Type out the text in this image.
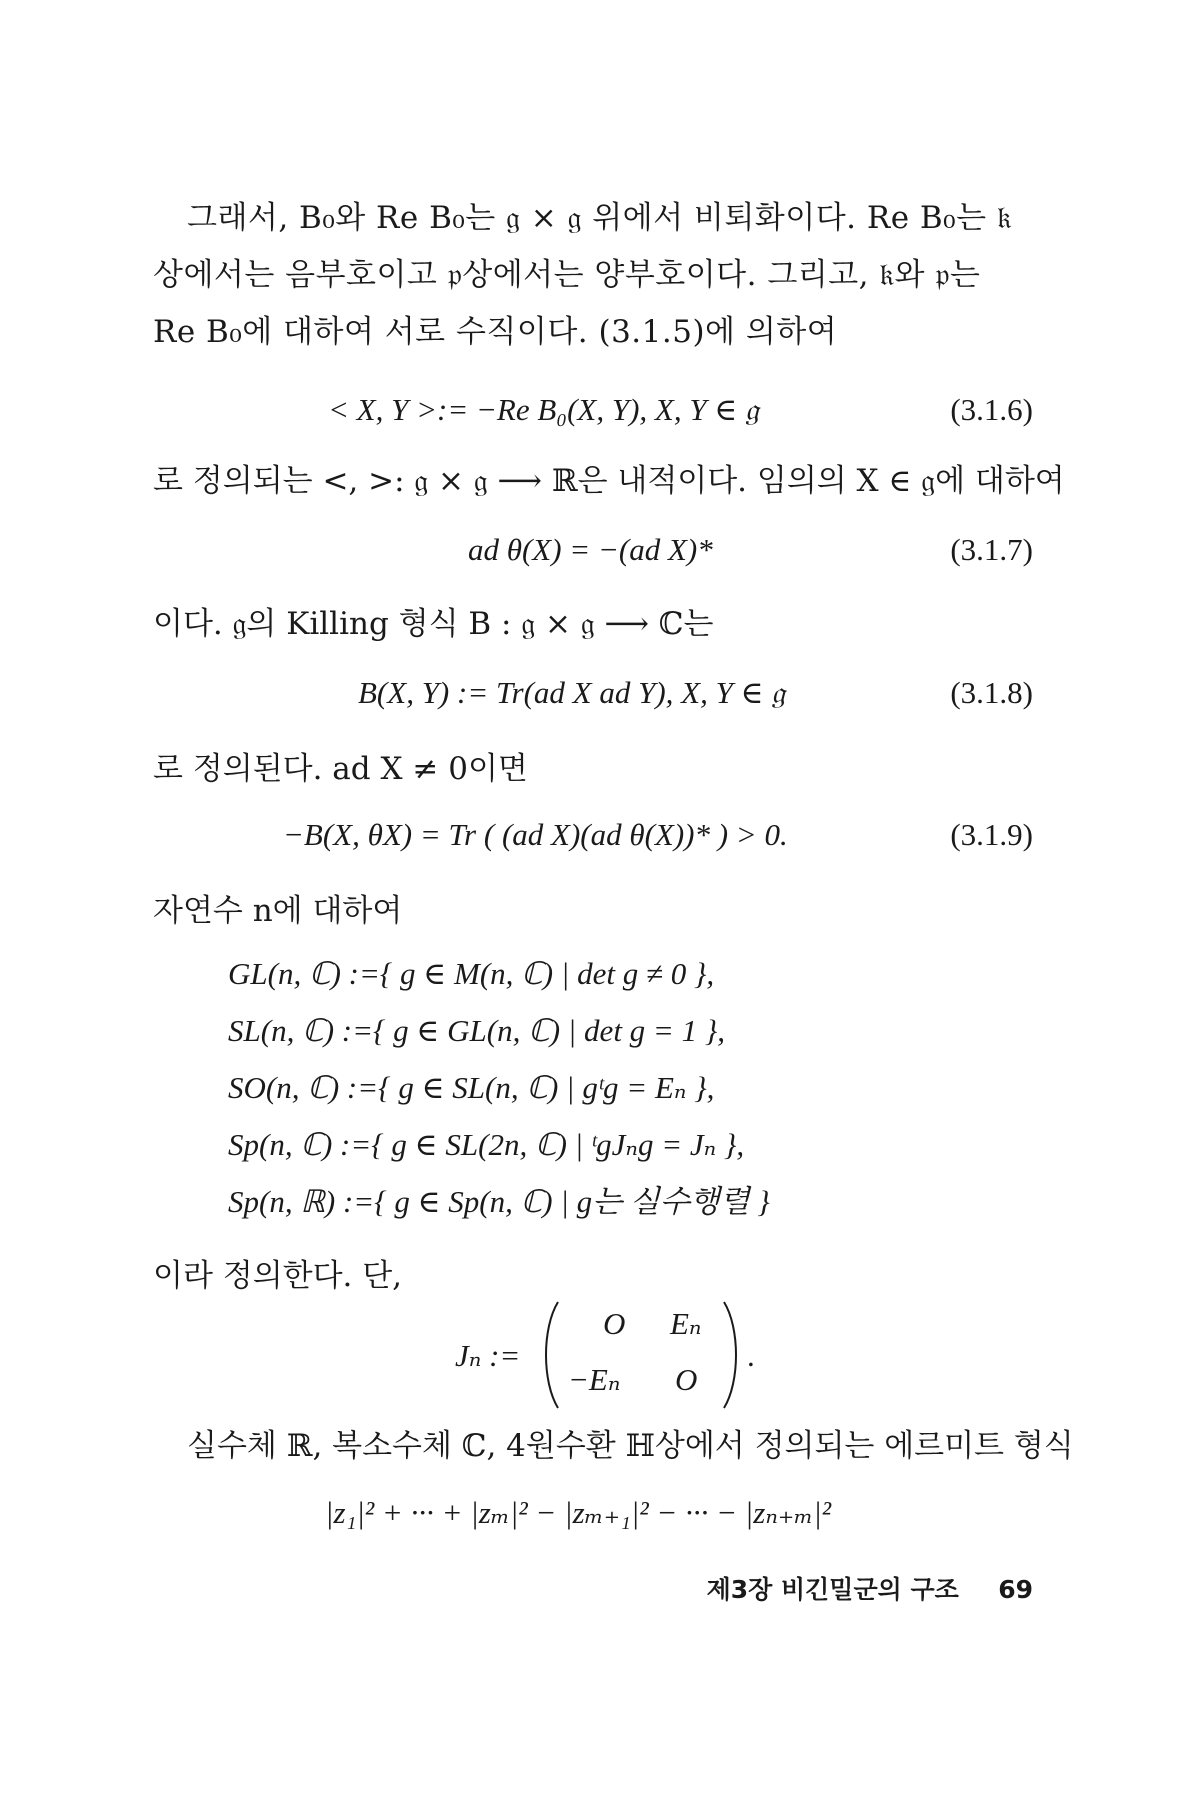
그래서, B₀와 Re B₀는 𝔤 × 𝔤 위에서 비퇴화이다. Re B₀는 𝔨상에서는 음부호이고 𝔭상에서는 양부호이다. 그리고, 𝔨와 𝔭는 Re B₀에 대하여 서로 수직이다. (3.1.5)에 의하여

< X, Y >:= −Re B₀(X, Y), X, Y ∈ 𝔤	(3.1.6)
로 정의되는 <, >: 𝔤 × 𝔤 ⟶ ℝ은 내적이다. 임의의 X ∈ 𝔤에 대하여
ad θ(X) = −(ad X)*	(3.1.7)
이다. 𝔤의 Killing 형식 B : 𝔤 × 𝔤 ⟶ ℂ는
B(X, Y) := Tr(ad X ad Y), X, Y ∈ 𝔤	(3.1.8)
로 정의된다. ad X ≠ 0이면
−B(X, θX) = Tr ( (ad X)(ad θ(X))* ) > 0.	(3.1.9)
자연수 n에 대하여
GL(n, ℂ) :={ g ∈ M(n, ℂ) | det g ≠ 0 },
SL(n, ℂ) :={ g ∈ GL(n, ℂ) | det g = 1 },
SO(n, ℂ) :={ g ∈ SL(n, ℂ) | gᵗg = Eₙ },
Sp(n, ℂ) :={ g ∈ SL(2n, ℂ) | ᵗgJₙg = Jₙ },
Sp(n, ℝ) :={ g ∈ Sp(n, ℂ) | g는 실수행렬 }
이라 정의한다. 단,
Jₙ :=
O Eₙ
−Eₙ O
.
실수체 ℝ, 복소수체 ℂ, 4원수환 ℍ상에서 정의되는 에르미트 형식
|z₁|² + ··· + |zₘ|² − |zₘ₊₁|² − ··· − |zₙ₊ₘ|²
제3장 비긴밀군의 구조 69
